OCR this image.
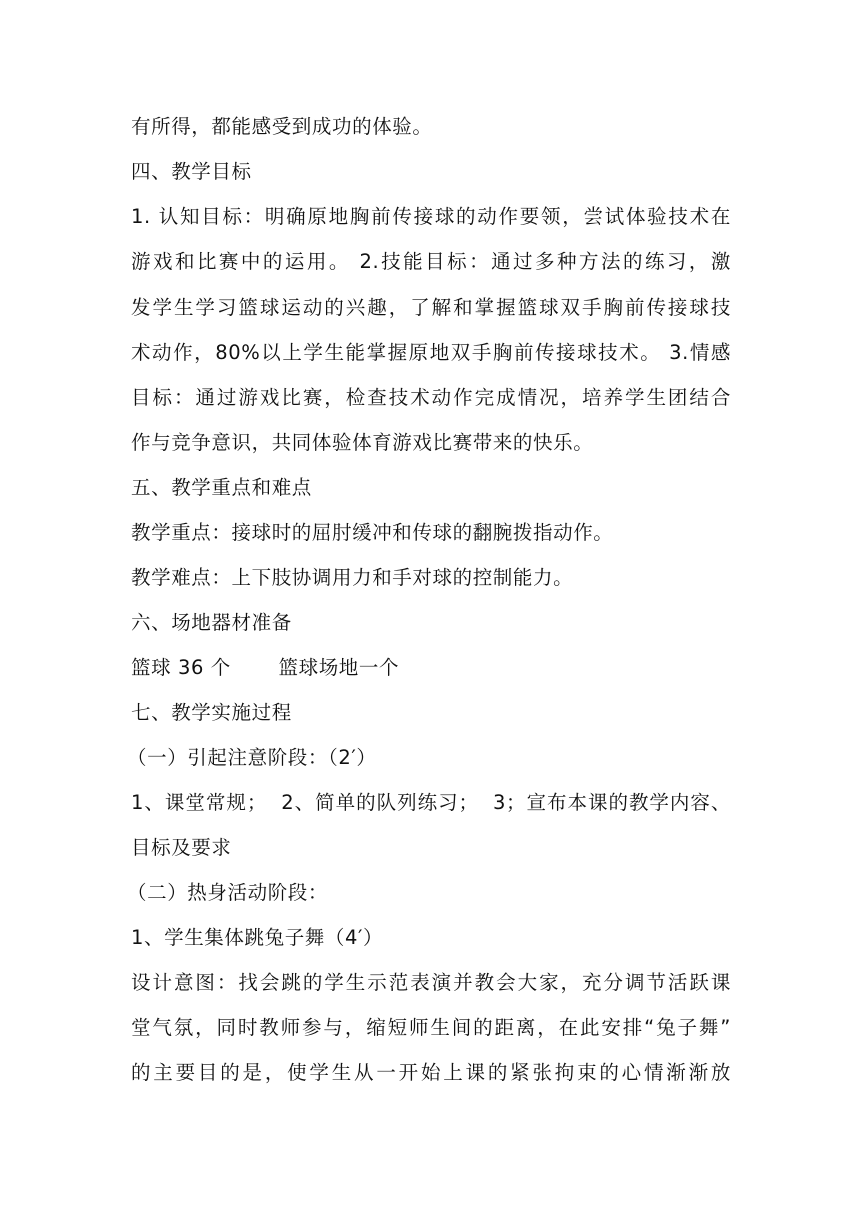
有所得，都能感受到成功的体验。
四、教学目标
1. 认知目标：明确原地胸前传接球的动作要领，尝试体验技术在
游戏和比赛中的运用。 2.技能目标：通过多种方法的练习，激
发学生学习篮球运动的兴趣，了解和掌握篮球双手胸前传接球技
术动作，80%以上学生能掌握原地双手胸前传接球技术。 3.情感
目标：通过游戏比赛，检查技术动作完成情况，培养学生团结合
作与竞争意识，共同体验体育游戏比赛带来的快乐。
五、教学重点和难点
教学重点：接球时的屈肘缓冲和传球的翻腕拨指动作。
教学难点：上下肢协调用力和手对球的控制能力。
六、场地器材准备
篮球 36 个       篮球场地一个
七、教学实施过程
（一）引起注意阶段：（2′）
1、课堂常规；  2、简单的队列练习；  3；宣布本课的教学内容、
目标及要求
（二）热身活动阶段：
1、学生集体跳兔子舞（4′）
设计意图：找会跳的学生示范表演并教会大家，充分调节活跃课
堂气氛，同时教师参与，缩短师生间的距离，在此安排“兔子舞”
的主要目的是，使学生从一开始上课的紧张拘束的心情渐渐放
